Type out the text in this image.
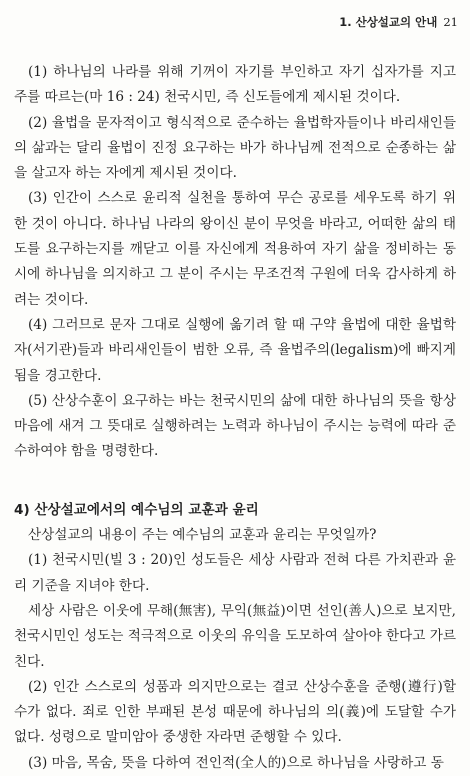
1. 산상설교의 안내 21

(1) 하나님의 나라를 위해 기꺼이 자기를 부인하고 자기 십자가를 지고 주를 따르는(마 16 : 24) 천국시민, 즉 신도들에게 제시된 것이다.

(2) 율법을 문자적이고 형식적으로 준수하는 율법학자들이나 바리새인들의 삶과는 달리 율법이 진정 요구하는 바가 하나님께 전적으로 순종하는 삶을 살고자 하는 자에게 제시된 것이다.

(3) 인간이 스스로 윤리적 실천을 통하여 무슨 공로를 세우도록 하기 위한 것이 아니다. 하나님 나라의 왕이신 분이 무엇을 바라고, 어떠한 삶의 태도를 요구하는지를 깨닫고 이를 자신에게 적용하여 자기 삶을 정비하는 동시에 하나님을 의지하고 그 분이 주시는 무조건적 구원에 더욱 감사하게 하려는 것이다.

(4) 그러므로 문자 그대로 실행에 옮기려 할 때 구약 율법에 대한 율법학자(서기관)들과 바리새인들이 범한 오류, 즉 율법주의(legalism)에 빠지게 됨을 경고한다.

(5) 산상수훈이 요구하는 바는 천국시민의 삶에 대한 하나님의 뜻을 항상 마음에 새겨 그 뜻대로 실행하려는 노력과 하나님이 주시는 능력에 따라 준수하여야 함을 명령한다.

4) 산상설교에서의 예수님의 교훈과 윤리

산상설교의 내용이 주는 예수님의 교훈과 윤리는 무엇일까?

(1) 천국시민(빌 3 : 20)인 성도들은 세상 사람과 전혀 다른 가치관과 윤리 기준을 지녀야 한다.

세상 사람은 이웃에 무해(無害), 무익(無益)이면 선인(善人)으로 보지만, 천국시민인 성도는 적극적으로 이웃의 유익을 도모하여 살아야 한다고 가르친다.

(2) 인간 스스로의 성품과 의지만으로는 결코 산상수훈을 준행(遵行)할 수가 없다. 죄로 인한 부패된 본성 때문에 하나님의 의(義)에 도달할 수가 없다. 성령으로 말미암아 중생한 자라면 준행할 수 있다.

(3) 마음, 목숨, 뜻을 다하여 전인적(全人的)으로 하나님을 사랑하고 동
